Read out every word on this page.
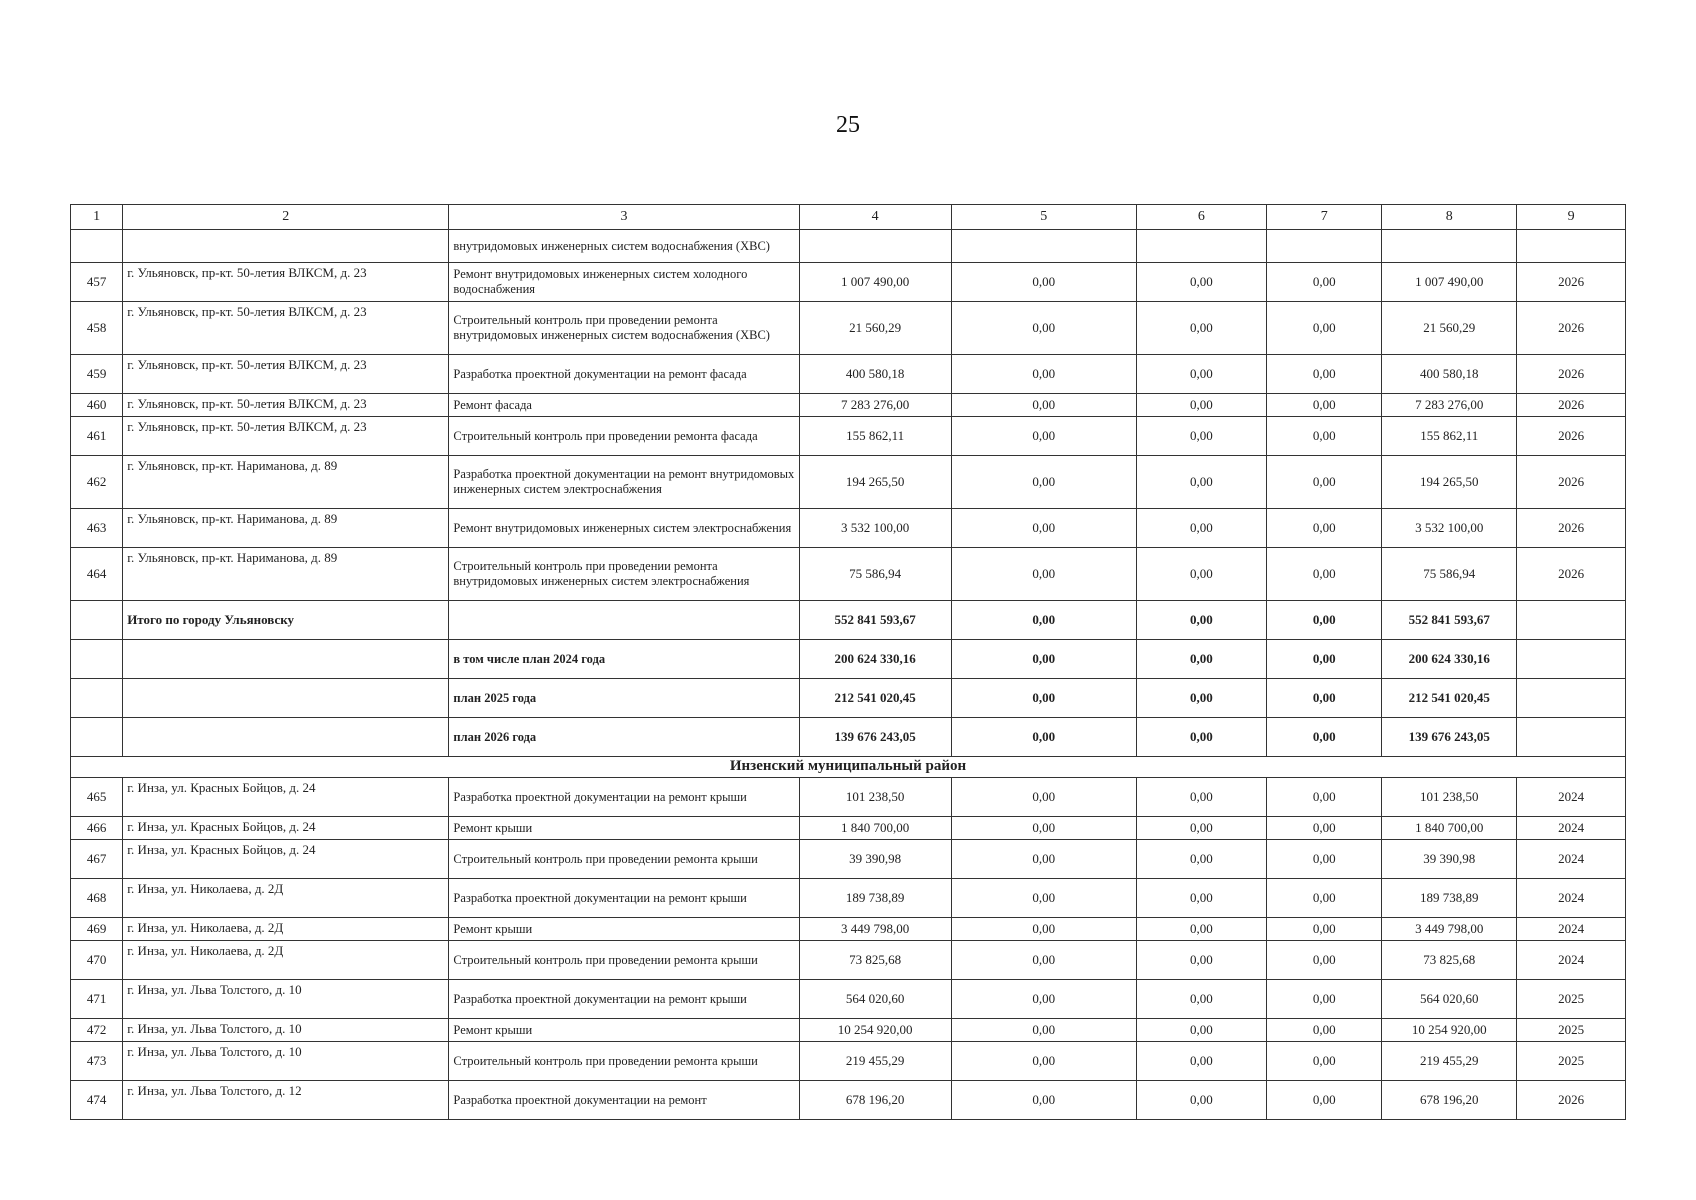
25
1	2	3	4	5	6	7	8	9
		внутридомовых инженерных систем водоснабжения (ХВС)						
457	г. Ульяновск, пр-кт. 50-летия ВЛКСМ, д. 23	Ремонт внутридомовых инженерных систем холодного водоснабжения	1 007 490,00	0,00	0,00	0,00	1 007 490,00	2026
458	г. Ульяновск, пр-кт. 50-летия ВЛКСМ, д. 23	Строительный контроль при проведении ремонта внутридомовых инженерных систем водоснабжения (ХВС)	21 560,29	0,00	0,00	0,00	21 560,29	2026
459	г. Ульяновск, пр-кт. 50-летия ВЛКСМ, д. 23	Разработка проектной документации на ремонт фасада	400 580,18	0,00	0,00	0,00	400 580,18	2026
460	г. Ульяновск, пр-кт. 50-летия ВЛКСМ, д. 23	Ремонт фасада	7 283 276,00	0,00	0,00	0,00	7 283 276,00	2026
461	г. Ульяновск, пр-кт. 50-летия ВЛКСМ, д. 23	Строительный контроль при проведении ремонта фасада	155 862,11	0,00	0,00	0,00	155 862,11	2026
462	г. Ульяновск, пр-кт. Нариманова, д. 89	Разработка проектной документации на ремонт внутридомовых инженерных систем электроснабжения	194 265,50	0,00	0,00	0,00	194 265,50	2026
463	г. Ульяновск, пр-кт. Нариманова, д. 89	Ремонт внутридомовых инженерных систем электроснабжения	3 532 100,00	0,00	0,00	0,00	3 532 100,00	2026
464	г. Ульяновск, пр-кт. Нариманова, д. 89	Строительный контроль при проведении ремонта внутридомовых инженерных систем электроснабжения	75 586,94	0,00	0,00	0,00	75 586,94	2026
	Итого по городу Ульяновску		552 841 593,67	0,00	0,00	0,00	552 841 593,67	
		в том числе план 2024 года	200 624 330,16	0,00	0,00	0,00	200 624 330,16	
		план 2025 года	212 541 020,45	0,00	0,00	0,00	212 541 020,45	
		план 2026 года	139 676 243,05	0,00	0,00	0,00	139 676 243,05	
Инзенский муниципальный район								
465	г. Инза, ул. Красных Бойцов, д. 24	Разработка проектной документации на ремонт крыши	101 238,50	0,00	0,00	0,00	101 238,50	2024
466	г. Инза, ул. Красных Бойцов, д. 24	Ремонт крыши	1 840 700,00	0,00	0,00	0,00	1 840 700,00	2024
467	г. Инза, ул. Красных Бойцов, д. 24	Строительный контроль при проведении ремонта крыши	39 390,98	0,00	0,00	0,00	39 390,98	2024
468	г. Инза, ул. Николаева, д. 2Д	Разработка проектной документации на ремонт крыши	189 738,89	0,00	0,00	0,00	189 738,89	2024
469	г. Инза, ул. Николаева, д. 2Д	Ремонт крыши	3 449 798,00	0,00	0,00	0,00	3 449 798,00	2024
470	г. Инза, ул. Николаева, д. 2Д	Строительный контроль при проведении ремонта крыши	73 825,68	0,00	0,00	0,00	73 825,68	2024
471	г. Инза, ул. Льва Толстого, д. 10	Разработка проектной документации на ремонт крыши	564 020,60	0,00	0,00	0,00	564 020,60	2025
472	г. Инза, ул. Льва Толстого, д. 10	Ремонт крыши	10 254 920,00	0,00	0,00	0,00	10 254 920,00	2025
473	г. Инза, ул. Льва Толстого, д. 10	Строительный контроль при проведении ремонта крыши	219 455,29	0,00	0,00	0,00	219 455,29	2025
474	г. Инза, ул. Льва Толстого, д. 12	Разработка проектной документации на ремонт	678 196,20	0,00	0,00	0,00	678 196,20	2026
